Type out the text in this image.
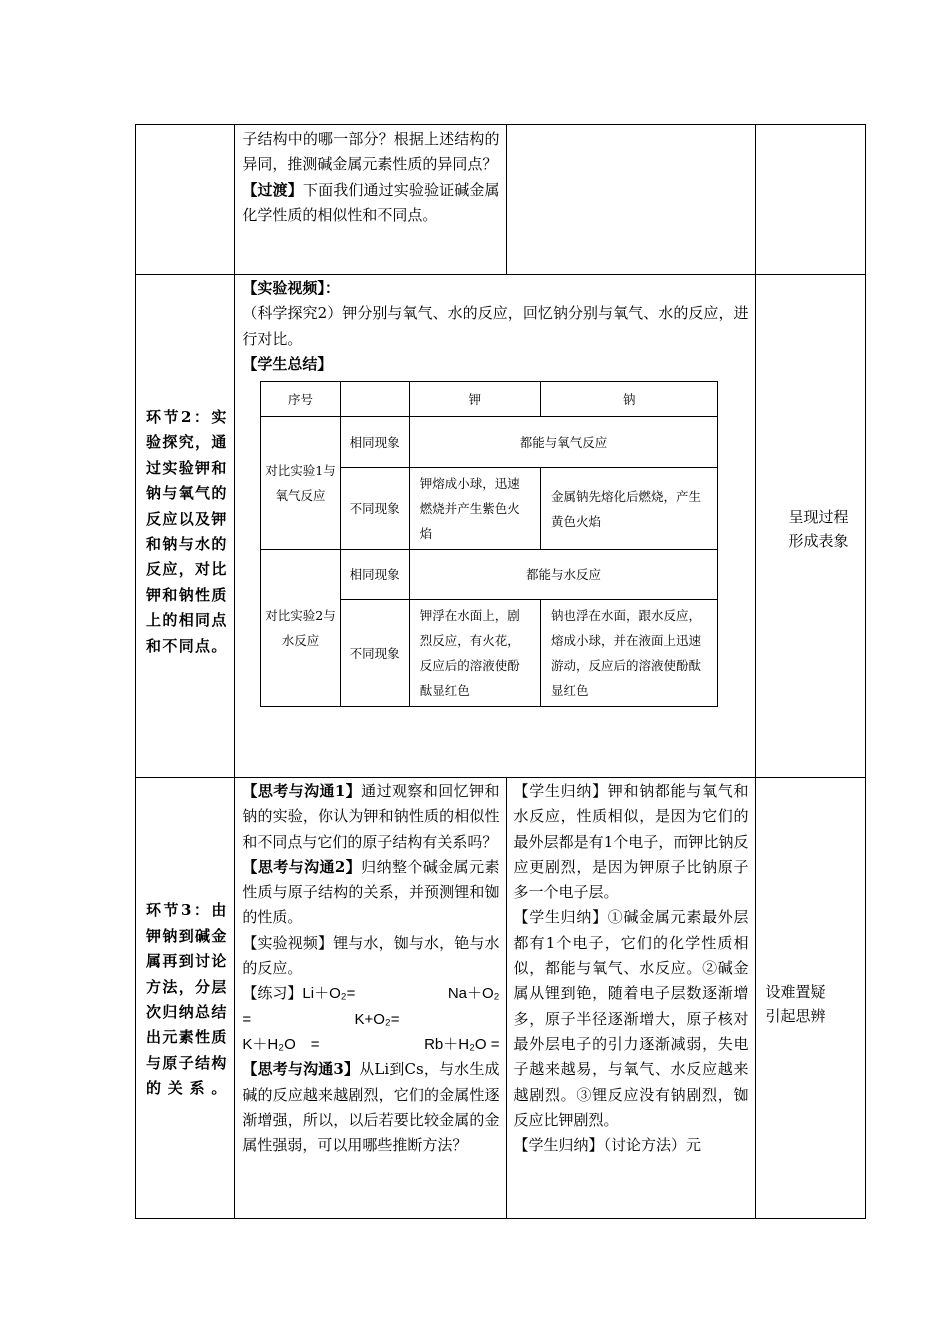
子结构中的哪一部分？根据上述结构的异同，推测碱金属元素性质的异同点？

【过渡】下面我们通过实验验证碱金属化学性质的相似性和不同点。

环节2：实验探究，通过实验钾和钠与氧气的反应以及钾和钠与水的反应，对比钾和钠性质上的相同点和不同点。

【实验视频】：

（科学探究2）钾分别与氧气、水的反应，回忆钠分别与氧气、水的反应，进行对比。

【学生总结】

序号		钾	钠
对比实验1与氧气反应	相同现象	都能与氧气反应
不同现象	钾熔成小球，迅速燃烧并产生紫色火焰	金属钠先熔化后燃烧，产生黄色火焰
对比实验2与水反应	相同现象	都能与水反应
不同现象	钾浮在水面上，剧烈反应，有火花，反应后的溶液使酚酞显红色	钠也浮在水面，跟水反应，熔成小球，并在液面上迅速游动，反应后的溶液使酚酞显红色

呈现过程
形成表象

环节3：由钾钠到碱金属再到讨论方法，分层次归纳总结出元素性质与原子结构的关系。

【思考与沟通1】通过观察和回忆钾和钠的实验，你认为钾和钠性质的相似性和不同点与它们的原子结构有关系吗？

【思考与沟通2】归纳整个碱金属元素性质与原子结构的关系，并预测锂和铷的性质。

【实验视频】锂与水，铷与水，铯与水的反应。

【练习】Li＋O₂=	Na＋O₂
=	K+O₂=
K＋H₂O　=	Rb＋H₂O =

【思考与沟通3】从Li到Cs，与水生成碱的反应越来越剧烈，它们的金属性逐渐增强，所以，以后若要比较金属的金属性强弱，可以用哪些推断方法？

【学生归纳】钾和钠都能与氧气和水反应，性质相似，是因为它们的最外层都是有1个电子，而钾比钠反应更剧烈，是因为钾原子比钠原子多一个电子层。

【学生归纳】①碱金属元素最外层都有1个电子，它们的化学性质相似，都能与氧气、水反应。②碱金属从锂到铯，随着电子层数逐渐增多，原子半径逐渐增大，原子核对最外层电子的引力逐渐减弱，失电子越来越易，与氧气、水反应越来越剧烈。③锂反应没有钠剧烈，铷反应比钾剧烈。

【学生归纳】（讨论方法）元

设难置疑
引起思辨
